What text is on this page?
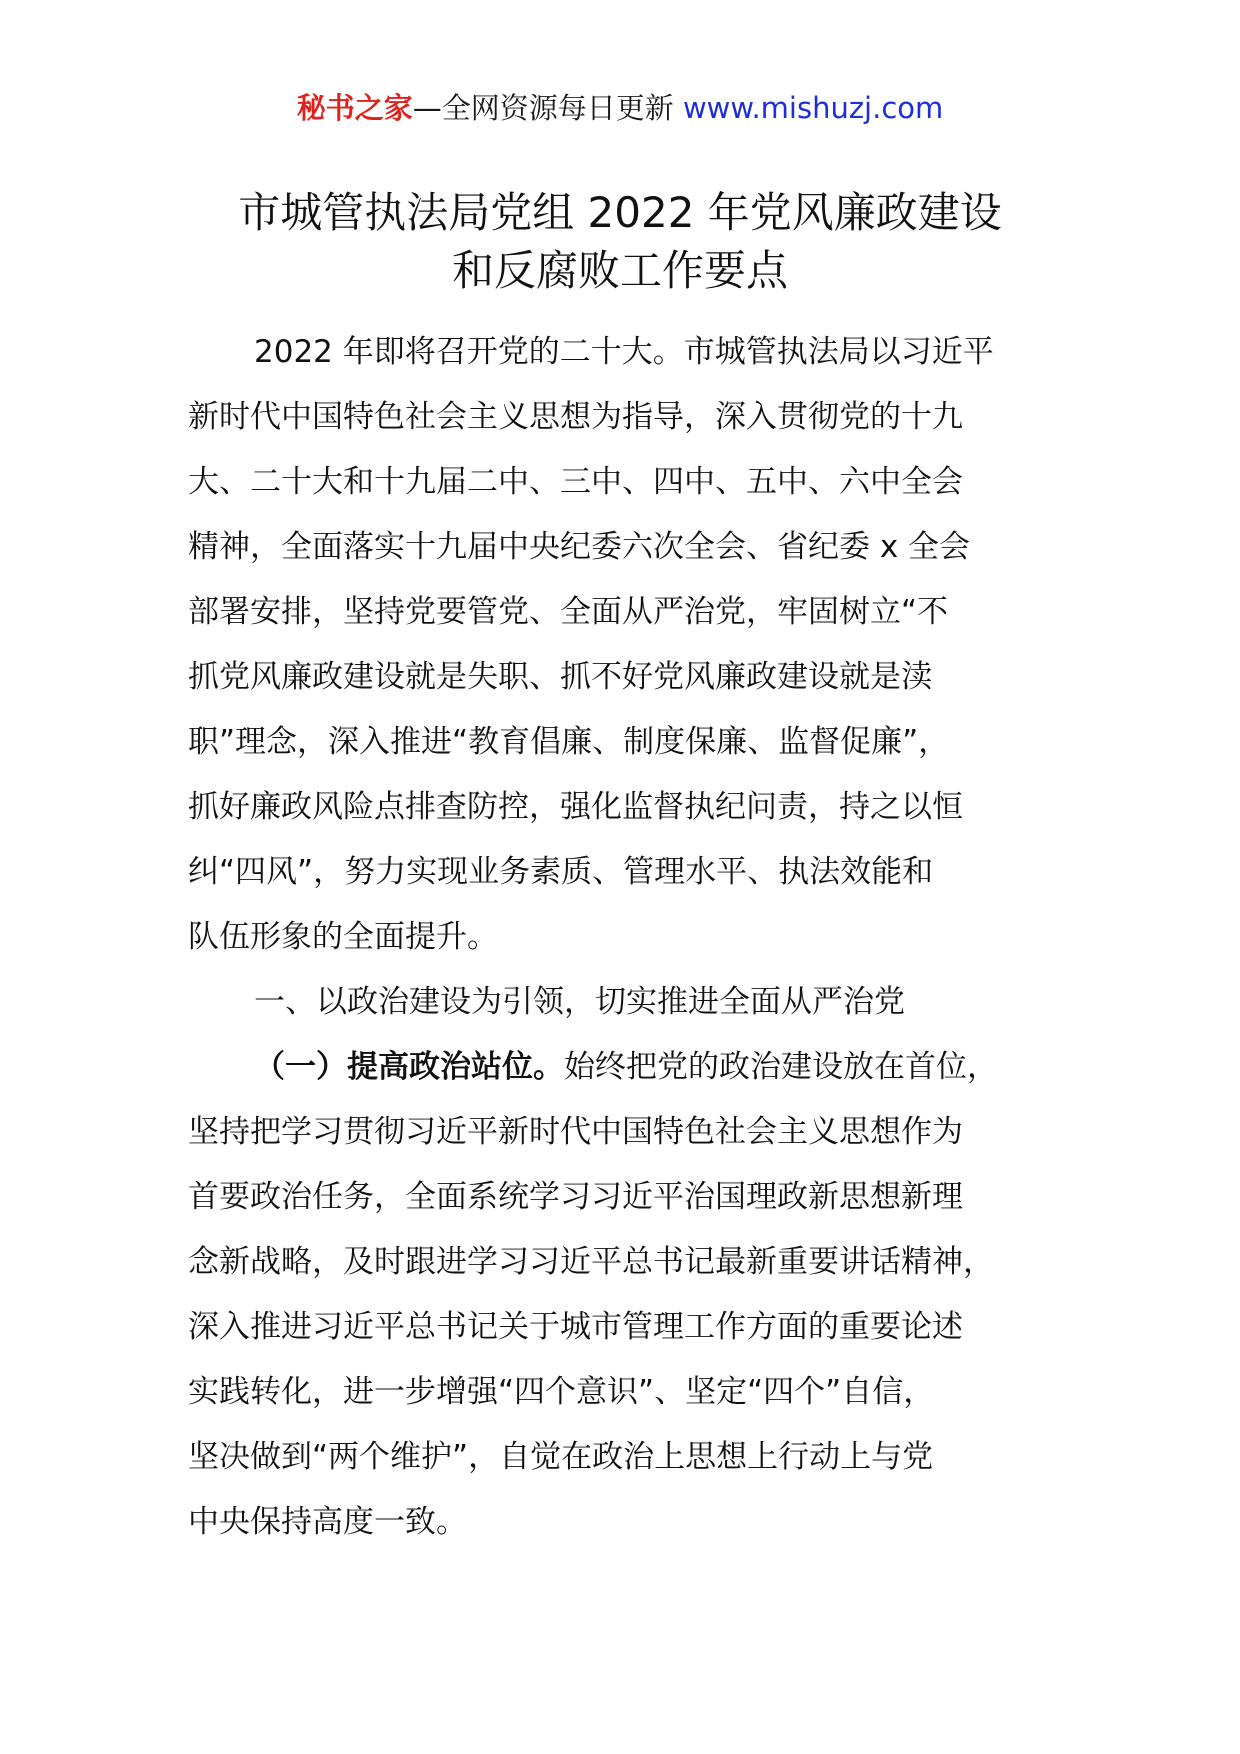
秘书之家—全网资源每日更新 www.mishuzj.com
市城管执法局党组 2022 年党风廉政建设
和反腐败工作要点
2022 年即将召开党的二十大。市城管执法局以习近平
新时代中国特色社会主义思想为指导，深入贯彻党的十九
大、二十大和十九届二中、三中、四中、五中、六中全会
精神，全面落实十九届中央纪委六次全会、省纪委 x 全会
部署安排，坚持党要管党、全面从严治党，牢固树立“不
抓党风廉政建设就是失职、抓不好党风廉政建设就是渎
职”理念，深入推进“教育倡廉、制度保廉、监督促廉”，
抓好廉政风险点排查防控，强化监督执纪问责，持之以恒
纠“四风”，努力实现业务素质、管理水平、执法效能和
队伍形象的全面提升。
一、以政治建设为引领，切实推进全面从严治党
（一）提高政治站位。始终把党的政治建设放在首位，
坚持把学习贯彻习近平新时代中国特色社会主义思想作为
首要政治任务，全面系统学习习近平治国理政新思想新理
念新战略，及时跟进学习习近平总书记最新重要讲话精神，
深入推进习近平总书记关于城市管理工作方面的重要论述
实践转化，进一步增强“四个意识”、坚定“四个”自信，
坚决做到“两个维护”，自觉在政治上思想上行动上与党
中央保持高度一致。
